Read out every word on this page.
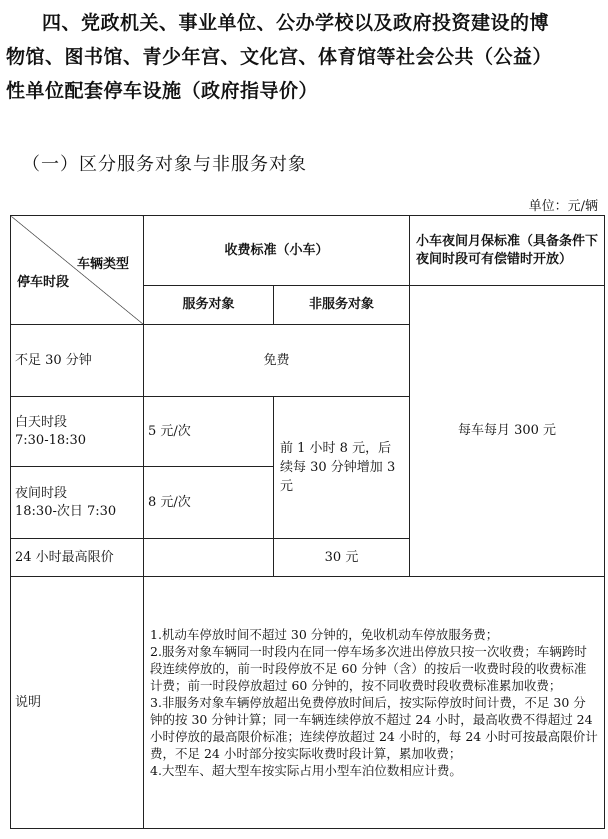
四、党政机关、事业单位、公办学校以及政府投资建设的博
物馆、图书馆、青少年宫、文化宫、体育馆等社会公共（公益）
性单位配套停车设施（政府指导价）
（一）区分服务对象与非服务对象
单位：元/辆
车辆类型
停车时段	收费标准（小车）		小车夜间月保标准（具备条件下夜间时段可有偿错时开放）
	服务对象	非服务对象	每车每月 300 元
不足 30 分钟	免费		

白天时段
7:30-18:30	5 元/次	前 1 小时 8 元，后续每 30 分钟增加 3 元	

夜间时段
18:30-次日 7:30	8 元/次		
24 小时最高限价		30 元	
说明	1.机动车停放时间不超过 30 分钟的，免收机动车停放服务费；
2.服务对象车辆同一时段内在同一停车场多次进出停放只按一次收费；车辆跨时段连续停放的，前一时段停放不足 60 分钟（含）的按后一收费时段的收费标准计费；前一时段停放超过 60 分钟的，按不同收费时段收费标准累加收费；
3.非服务对象车辆停放超出免费停放时间后，按实际停放时间计费，不足 30 分钟的按 30 分钟计算；同一车辆连续停放不超过 24 小时，最高收费不得超过 24 小时停放的最高限价标准；连续停放超过 24 小时的，每 24 小时可按最高限价计费，不足 24 小时部分按实际收费时段计算，累加收费；
4.大型车、超大型车按实际占用小型车泊位数相应计费。		
